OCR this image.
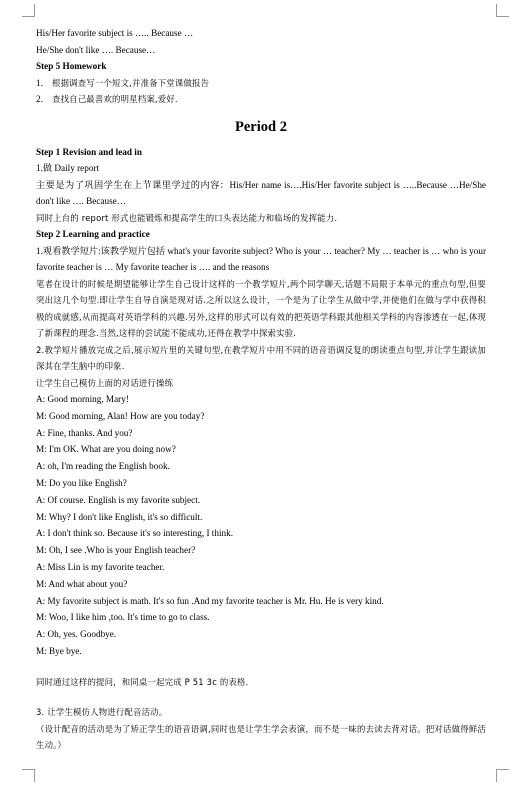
His/Her favorite subject is ….. Because …
He/She don't like …. Because…
Step 5 Homework
1. 根据调查写一个短文,并准备下堂课做报告
2. 查找自己最喜欢的明星档案,爱好.
Period 2
Step 1 Revision and lead in
1.做 Daily report
主要是为了巩固学生在上节课里学过的内容：His/Her name is….His/Her favorite subject is …..Because …He/She don't like …. Because…
同时上台的 report 形式也能锻炼和提高学生的口头表达能力和临场的发挥能力.
Step 2 Learning and practice
1.观看教学短片:该教学短片包括 what's your favorite subject? Who is your … teacher? My … teacher is … who is your favorite teacher is … My favorite teacher is …. and the reasons
笔者在设计的时候是期望能够让学生自己设计这样的一个教学短片,两个同学聊天,话题不局限于本单元的重点句型,但要突出这几个句型.即让学生自导自演是现对话.之所以这么设计，一个是为了让学生从做中学,并使他们在做与学中获得积极的成就感,从而提高对英语学科的兴趣.另外,这样的形式可以有效的把英语学科跟其他相关学科的内容渗透在一起,体现了新课程的理念.当然,这样的尝试能不能成功,还得在教学中探索实验.
2.教学短片播放完成之后,展示短片里的关键句型,在教学短片中用不同的语音语调反复的朗读重点句型,并让学生跟读加深其在学生脑中的印象.
让学生自己模仿上面的对话进行操练
A: Good morning, Mary!
M: Good morning, Alan! How are you today?
A: Fine, thanks. And you?
M: I'm OK. What are you doing now?
A: oh, I'm reading the English book.
M: Do you like English?
A: Of course. English is my favorite subject.
M: Why? I don't like English, it's so difficult.
A: I don't think so. Because it's so interesting, I think.
M: Oh, I see .Who is your English teacher?
A: Miss Lin is my favorite teacher.
M: And what about you?
A: My favorite subject is math. It's so fun .And my favorite teacher is Mr. Hu. He is very kind.
M: Woo, I like him ,too. It's time to go to class.
A: Oh, yes. Goodbye.
M: Bye bye.
同时通过这样的提问，和同桌一起完成 P 51 3c 的表格．
3. 让学生模仿人物进行配音活动。
（设计配音的活动是为了矫正学生的语音语调,同时也是让学生学会表演，而不是一味的去读去背对话。把对话做得鲜活生动。）
